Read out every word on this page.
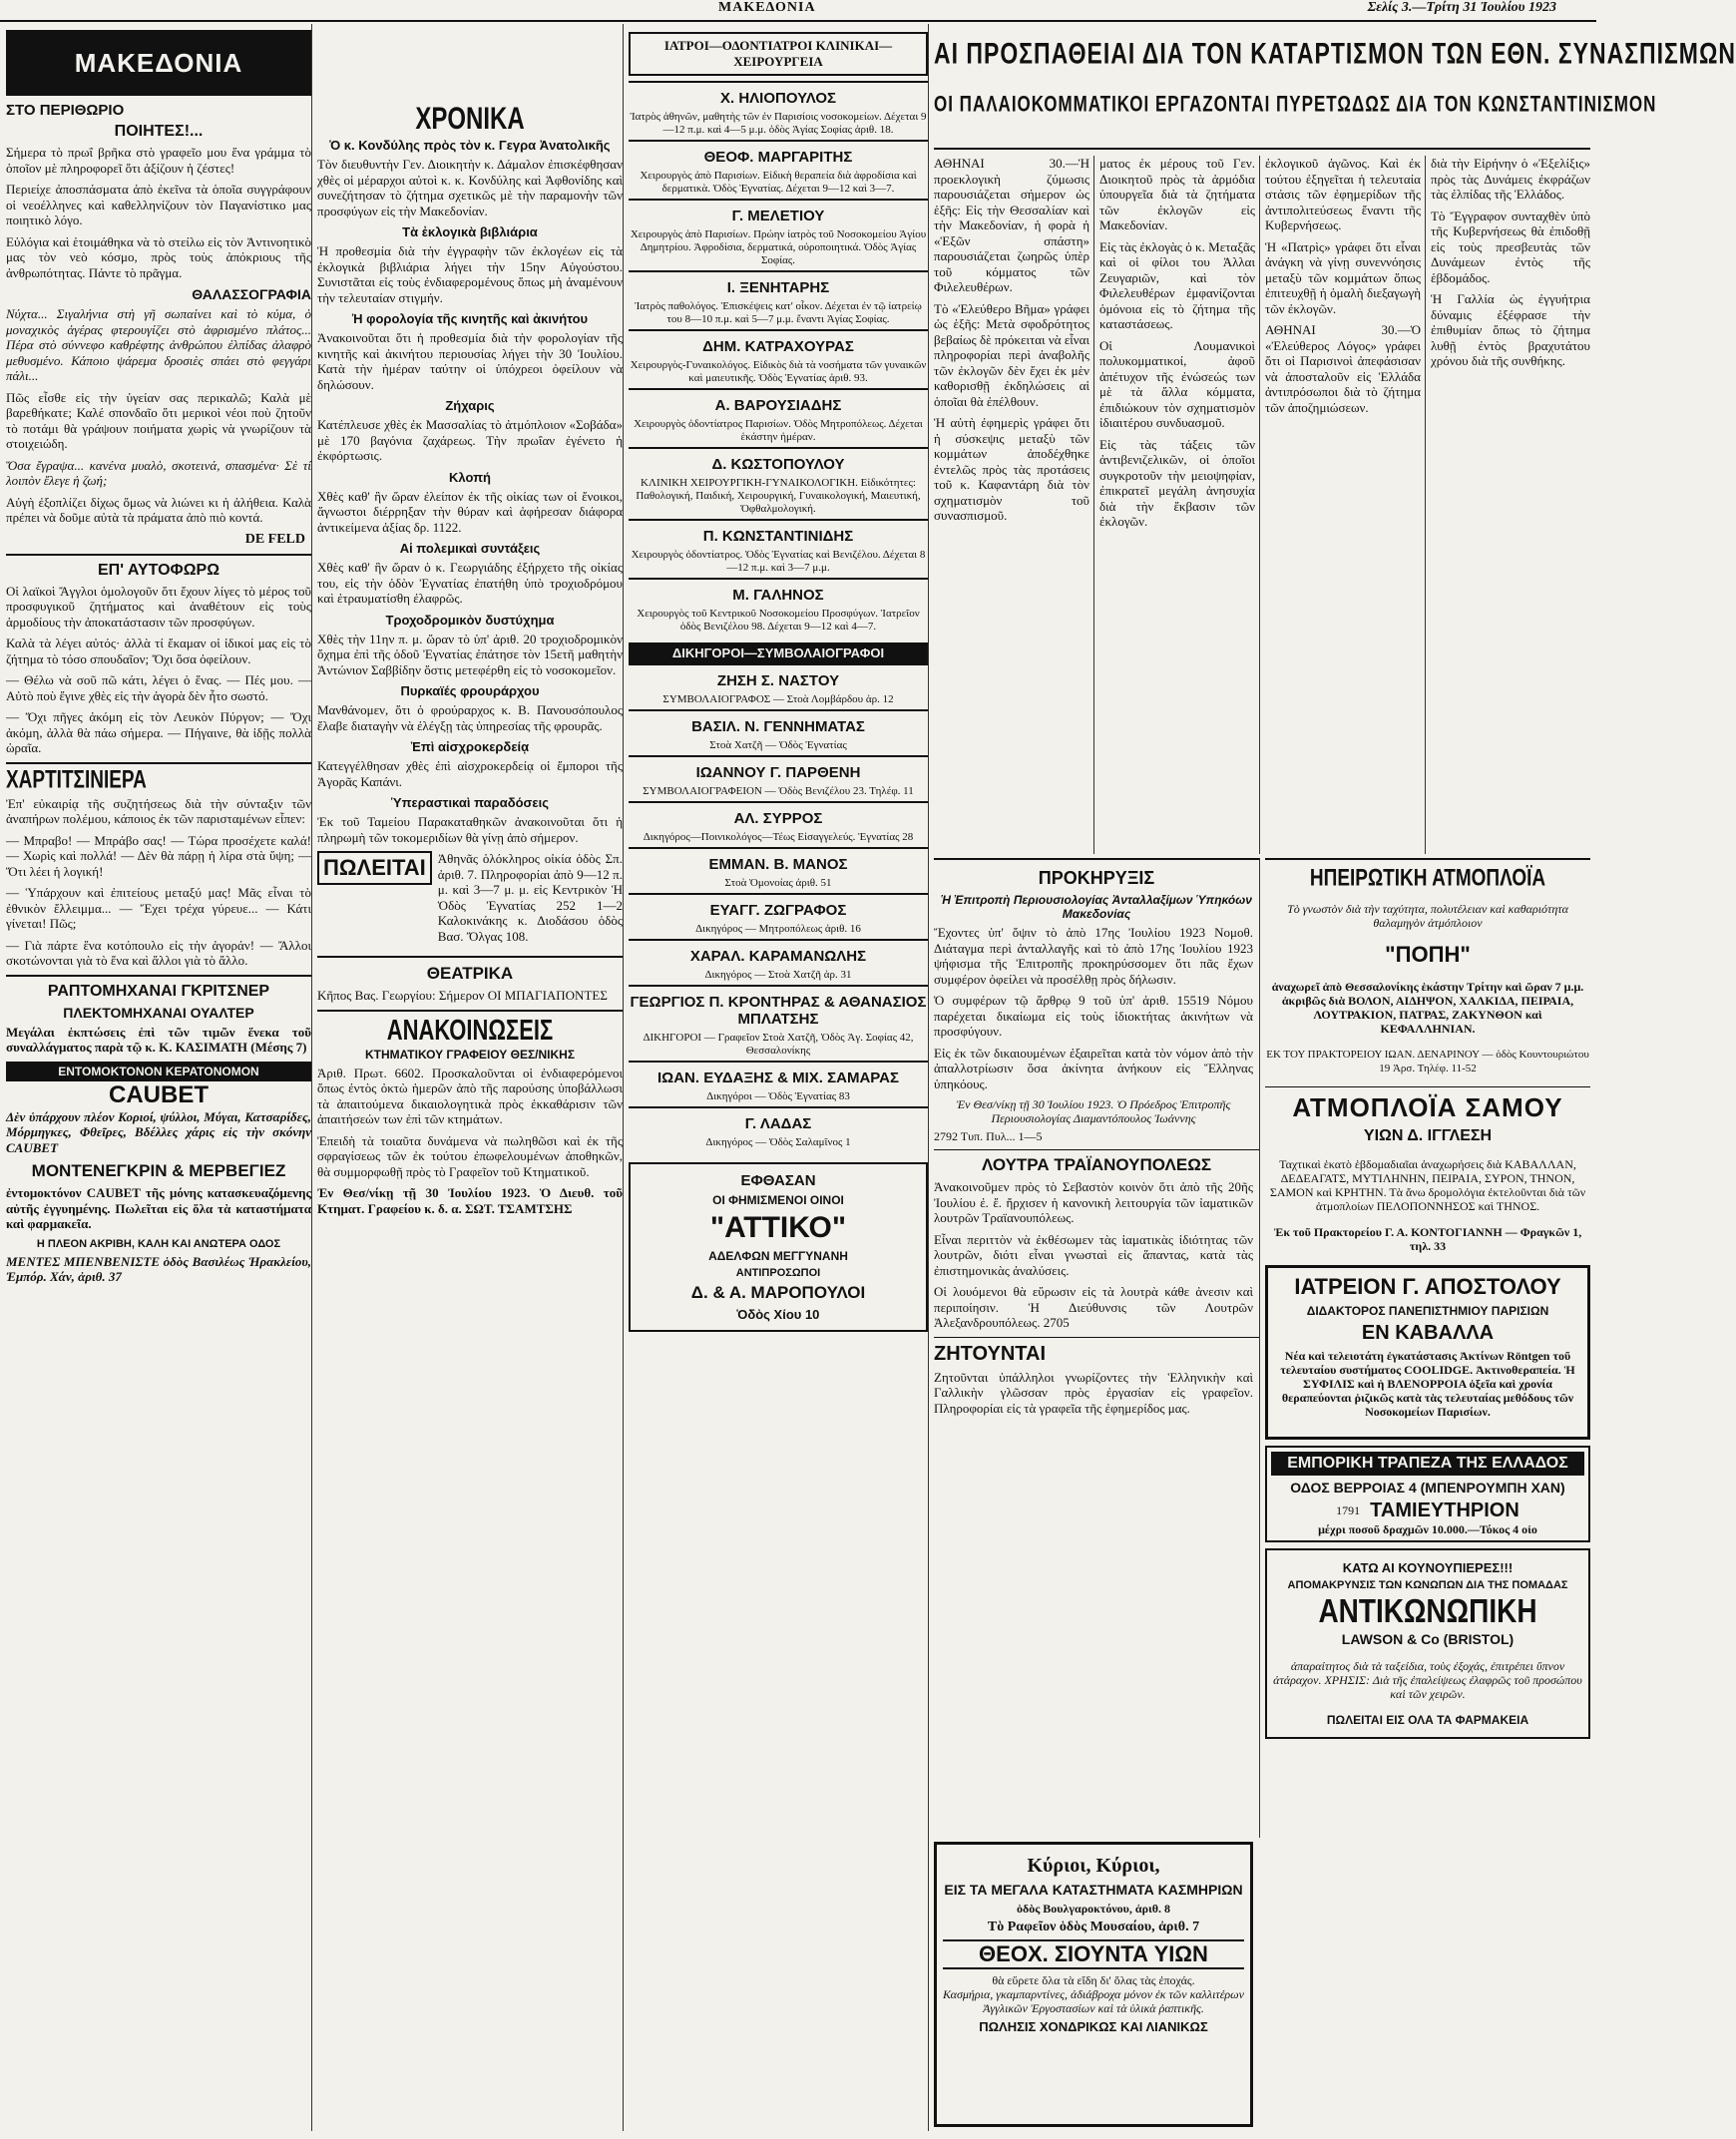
ΜΑΚΕΔΟΝΙΑ	Σελίς 3.—Τρίτη 31 Ἰουλίου 1923
ΜΑΚΕΔΟΝΙΑ
ΣΤΟ ΠΕΡΙΘΩΡΙΟ
ΠΟΙΗΤΕΣ!...

Σήμερα τὸ πρωΐ βρῆκα στὸ γραφεῖο μου ἕνα γράμμα τὸ ὁποῖον μὲ πληροφορεῖ ὅτι ἀξίζουν ἡ ζέστες!

Περιείχε ἀποσπάσματα ἀπὸ ἐκεῖνα τὰ ὁποῖα συγγράφουν οἱ νεοέλληνες καὶ καθελληνίζουν τὸν Παγανίστικο μας ποιητικὸ λόγο.

Εὐλόγια καὶ ἑτοιμάθηκα νὰ τὸ στείλω εἰς τὸν Ἀντινοητικὸ μας τὸν νεὸ κόσμο, πρὸς τοὺς ἀπόκριους τῆς ἀνθρωπότητας. Πάντε τὸ πρᾶγμα.

ΘΑΛΑΣΣΟΓΡΑΦΙΑ

Νύχτα... Σιγαλήνια στὴ γῆ σωπαίνει καὶ τὸ κύμα, ὁ μοναχικὸς ἀγέρας φτερουγίζει στὸ ἀφρισμένο πλάτος... Πέρα στὸ σύννεφο καθρέφτης ἀνθρώπου ἐλπίδας ἀλαφρὸ μεθυσμένο. Κάποιο ψάρεμα δροσιὲς σπάει στὸ φεγγάρι πάλι...

Πῶς εἶσθε εἰς τὴν ὑγείαν σας περικαλῶ; Καλὰ μὲ βαρεθήκατε; Καλέ σπονδαῖο ὅτι μερικοὶ νέοι ποὺ ζητοῦν τὸ ποτάμι θὰ γράψουν ποιήματα χωρὶς νὰ γνωρίζουν τὰ στοιχειώδη.

Ὅσα ἔγραψα... κανένα μυαλὸ, σκοτεινά, σπασμένα· Σὲ τί λοιπὸν ἔλεγε ἡ ζωή;

Αὐγὴ ἐξοπλίζει δίχως ὅμως νὰ λιώνει κι ἡ ἀλήθεια. Καλὰ πρέπει νὰ δοῦμε αὐτὰ τὰ πράματα ἀπὸ πιὸ κοντά.

DE FELD
ΕΠ' ΑΥΤΟΦΩΡΩ

Οἱ λαϊκοὶ Ἄγγλοι ὁμολογοῦν ὅτι ἔχουν λίγες τὸ μέρος τοῦ προσφυγικοῦ ζητήματος καὶ ἀναθέτουν εἰς τοὺς ἁρμοδίους τὴν ἀποκατάστασιν τῶν προσφύγων.

Καλὰ τὰ λέγει αὐτός· ἀλλὰ τί ἔκαμαν οἱ ἰδικοί μας εἰς τὸ ζήτημα τὸ τόσο σπουδαῖον; Ὄχι ὅσα ὀφείλουν.

— Θέλω νὰ σοῦ πῶ κάτι, λέγει ὁ ἕνας. — Πές μου. — Αὐτὸ ποὺ ἔγινε χθὲς εἰς τὴν ἀγορὰ δὲν ἦτο σωστό.

— Ὄχι πῆγες ἀκόμη εἰς τὸν Λευκὸν Πύργον; — Ὄχι ἀκόμη, ἀλλὰ θὰ πάω σήμερα. — Πήγαινε, θὰ ἰδῇς πολλὰ ὡραῖα.

ΧΑΡΤΙΤΣΙΝΙΕΡΑ

Ἐπ' εὐκαιρίᾳ τῆς συζητήσεως διὰ τὴν σύνταξιν τῶν ἀναπήρων πολέμου, κάποιος ἐκ τῶν παρισταμένων εἶπεν:

— Μπραβο! — Μπράβο σας! — Τώρα προσέχετε καλά! — Χωρὶς καὶ πολλά! — Δὲν θὰ πάρῃ ἡ λίρα στὰ ὕψη; — Ὅτι λέει ἡ λογική!

— Ὑπάρχουν καὶ ἐπιτείους μεταξύ μας! Μᾶς εἶναι τὸ ἐθνικὸν ἔλλειμμα... — Ἔχει τρέχα γύρευε... — Κάτι γίνεται! Πῶς;

— Γιὰ πάρτε ἕνα κοτόπουλο εἰς τὴν ἀγοράν! — Ἄλλοι σκοτώνονται γιὰ τὸ ἕνα καὶ ἄλλοι γιὰ τὸ ἄλλο.

ΡΑΠΤΟΜΗΧΑΝΑΙ ΓΚΡΙΤΣΝΕΡ
ΠΛΕΚΤΟΜΗΧΑΝΑΙ ΟΥΑΛΤΕΡ

Μεγάλαι ἐκπτώσεις ἐπὶ τῶν τιμῶν ἕνεκα τοῦ συναλλάγματος παρὰ τῷ κ. Κ. ΚΑΣΙΜΑΤΗ (Μέσης 7)

ΕΝΤΟΜΟΚΤΟΝΟΝ ΚΕΡΑΤΟΝΟΜΟΝ
CAUBET

Δὲν ὑπάρχουν πλέον Κοριοί, ψύλλοι, Μύγαι, Κατσαρίδες, Μόρμηγκες, Φθεῖρες, Βδέλλες χάρις εἰς τὴν σκόνην CAUBET

ΜΟΝΤΕΝΕΓΚΡΙΝ & ΜΕΡΒΕΓΙΕΖ

ἐντομοκτόνον CAUBET τῆς μόνης κατασκευαζόμενης αὐτῆς ἐγγυημένης. Πωλεῖται εἰς ὅλα τὰ καταστήματα καὶ φαρμακεῖα.

Η ΠΛΕΟΝ ΑΚΡΙΒΗ, ΚΑΛΗ ΚΑΙ ΑΝΩΤΕΡΑ ΟΔΟΣ

ΜΕΝΤΕΣ ΜΠΕΝΒΕΝΙΣΤΕ ὁδὸς Βασιλέως Ἡρακλείου, Ἐμπόρ. Χάν, ἀριθ. 37

ΧΡΟΝΙΚΑ
Ὁ κ. Κονδύλης πρὸς τὸν κ. Γεγρα Ἀνατολικῆς

Τὸν διευθυντὴν Γεν. Διοικητὴν κ. Δάμαλον ἐπισκέφθησαν χθὲς οἱ μέραρχοι αὐτοὶ κ. κ. Κονδύλης καὶ Ἀφθονίδης καὶ συνεζήτησαν τὸ ζήτημα σχετικῶς μὲ τὴν παραμονὴν τῶν προσφύγων εἰς τὴν Μακεδονίαν.

Τὰ ἐκλογικὰ βιβλιάρια

Ἡ προθεσμία διὰ τὴν ἐγγραφὴν τῶν ἐκλογέων εἰς τὰ ἐκλογικὰ βιβλιάρια λήγει τὴν 15ην Αὐγούστου. Συνιστᾶται εἰς τοὺς ἐνδιαφερομένους ὅπως μὴ ἀναμένουν τὴν τελευταίαν στιγμήν.

Ἡ φορολογία τῆς κινητῆς καὶ ἀκινήτου

Ἀνακοινοῦται ὅτι ἡ προθεσμία διὰ τὴν φορολογίαν τῆς κινητῆς καὶ ἀκινήτου περιουσίας λήγει τὴν 30 Ἰουλίου. Κατὰ τὴν ἡμέραν ταύτην οἱ ὑπόχρεοι ὀφείλουν νὰ δηλώσουν.

Ζήχαρις

Κατέπλευσε χθὲς ἐκ Μασσαλίας τὸ ἀτμόπλοιον «Σοβάδα» μὲ 170 βαγόνια ζαχάρεως. Τὴν πρωΐαν ἐγένετο ἡ ἐκφόρτωσις.

Κλοπή

Χθὲς καθ' ἣν ὥραν ἐλείπον ἐκ τῆς οἰκίας των οἱ ἔνοικοι, ἄγνωστοι διέρρηξαν τὴν θύραν καὶ ἀφήρεσαν διάφορα ἀντικείμενα ἀξίας δρ. 1122.

Αἱ πολεμικαὶ συντάξεις

Χθὲς καθ' ἣν ὥραν ὁ κ. Γεωργιάδης ἐξήρχετο τῆς οἰκίας του, εἰς τὴν ὁδὸν Ἐγνατίας ἐπατήθη ὑπὸ τροχιοδρόμου καὶ ἐτραυματίσθη ἐλαφρῶς.

Τροχοδρομικὸν δυστύχημα

Χθὲς τὴν 11ην π. μ. ὥραν τὸ ὑπ' ἀριθ. 20 τροχιοδρομικὸν ὄχημα ἐπὶ τῆς ὁδοῦ Ἐγνατίας ἐπάτησε τὸν 15ετῆ μαθητὴν Ἀντώνιον Σαββίδην ὅστις μετεφέρθη εἰς τὸ νοσοκομεῖον.

Πυρκαϊές φρουράρχου

Μανθάνομεν, ὅτι ὁ φρούραρχος κ. Β. Πανουσόπουλος ἔλαβε διαταγὴν νὰ ἐλέγξῃ τὰς ὑπηρεσίας τῆς φρουρᾶς.

Ἐπὶ αἰσχροκερδείᾳ

Κατεγγέλθησαν χθὲς ἐπὶ αἰσχροκερδείᾳ οἱ ἔμποροι τῆς Ἀγορᾶς Καπάνι.

Ὑπεραστικαὶ παραδόσεις

Ἐκ τοῦ Ταμείου Παρακαταθηκῶν ἀνακοινοῦται ὅτι ἡ πληρωμὴ τῶν τοκομεριδίων θὰ γίνῃ ἀπὸ σήμερον.

ΠΩΛΕΙΤΑΙ Ἀθηνᾶς ὁλόκληρος οἰκία ὁδὸς Σπ. ἀριθ. 7. Πληροφορίαι ἀπὸ 9—12 π. μ. καὶ 3—7 μ. μ. εἰς Κεντρικὸν Ἡ Ὁδὸς Ἐγνατίας 252 1—2 Καλοκινάκης κ. Διοδάσου ὁδὸς Βασ. Ὄλγας 108.

ΘΕΑΤΡΙΚΑ

Κῆπος Βας. Γεωργίου: Σήμερον ΟΙ ΜΠΑΓΙΑΠΟΝΤΕΣ

ΑΝΑΚΟΙΝΩΣΕΙΣ
ΚΤΗΜΑΤΙΚΟΥ ΓΡΑΦΕΙΟΥ ΘΕΣ/ΝΙΚΗΣ

Ἀριθ. Πρωτ. 6602. Προσκαλοῦνται οἱ ἐνδιαφερόμενοι ὅπως ἐντὸς ὀκτὼ ἡμερῶν ἀπὸ τῆς παρούσης ὑποβάλλωσι τὰ ἀπαιτούμενα δικαιολογητικὰ πρὸς ἐκκαθάρισιν τῶν ἀπαιτήσεών των ἐπὶ τῶν κτημάτων.

Ἐπειδὴ τὰ τοιαῦτα δυνάμενα νὰ πωληθῶσι καὶ ἐκ τῆς σφραγίσεως τῶν ἐκ τούτου ἐπωφελουμένων ἀποθηκῶν, θὰ συμμορφωθῇ πρὸς τὸ Γραφεῖον τοῦ Κτηματικοῦ.

Ἐν Θεσ/νίκῃ τῇ 30 Ἰουλίου 1923. Ὁ Διευθ. τοῦ Κτηματ. Γραφείου κ. δ. α. ΣΩΤ. ΤΣΑΜΤΣΗΣ

ΙΑΤΡΟΙ—ΟΔΟΝΤΙΑΤΡΟΙ ΚΛΙΝΙΚΑΙ—ΧΕΙΡΟΥΡΓΕΙΑ
Χ. ΗΛΙΟΠΟΥΛΟΣ
Ἰατρὸς ἀθηνῶν, μαθητὴς τῶν ἐν Παρισίοις νοσοκομείων. Δέχεται 9—12 π.μ. καὶ 4—5 μ.μ. ὁδὸς Ἀγίας Σοφίας ἀριθ. 18.
ΘΕΟΦ. ΜΑΡΓΑΡΙΤΗΣ
Χειρουργὸς ἀπὸ Παρισίων. Εἰδικὴ θεραπεία διὰ ἀφροδίσια καὶ δερματικὰ. Ὁδὸς Ἐγνατίας. Δέχεται 9—12 καὶ 3—7.
Γ. ΜΕΛΕΤΙΟΥ
Χειρουργὸς ἀπὸ Παρισίων. Πρώην ἰατρὸς τοῦ Νοσοκομείου Ἁγίου Δημητρίου. Ἀφροδίσια, δερματικά, οὐροποιητικά. Ὁδὸς Ἁγίας Σοφίας.
Ι. ΞΕΝΗΤΑΡΗΣ
Ἰατρὸς παθολόγος. Ἐπισκέψεις κατ' οἶκον. Δέχεται ἐν τῷ ἰατρείῳ του 8—10 π.μ. καὶ 5—7 μ.μ. ἔναντι Ἁγίας Σοφίας.
ΔΗΜ. ΚΑΤΡΑΧΟΥΡΑΣ
Χειρουργὸς-Γυναικολόγος. Εἰδικὸς διὰ τὰ νοσήματα τῶν γυναικῶν καὶ μαιευτικῆς. Ὁδὸς Ἐγνατίας ἀριθ. 93.
Α. ΒΑΡΟΥΣΙΑΔΗΣ
Χειρουργὸς ὀδοντίατρος Παρισίων. Ὁδὸς Μητροπόλεως. Δέχεται ἑκάστην ἡμέραν.
Δ. ΚΩΣΤΟΠΟΥΛΟΥ
ΚΛΙΝΙΚΗ ΧΕΙΡΟΥΡΓΙΚΗ-ΓΥΝΑΙΚΟΛΟΓΙΚΗ. Εἰδικότητες: Παθολογική, Παιδική, Χειρουργική, Γυναικολογική, Μαιευτική, Ὀφθαλμολογική.
Π. ΚΩΝΣΤΑΝΤΙΝΙΔΗΣ
Χειρουργὸς ὀδοντίατρος. Ὁδὸς Ἐγνατίας καὶ Βενιζέλου. Δέχεται 8—12 π.μ. καὶ 3—7 μ.μ.
Μ. ΓΑΛΗΝΟΣ
Χειρουργὸς τοῦ Κεντρικοῦ Νοσοκομείου Προσφύγων. Ἰατρεῖον ὁδὸς Βενιζέλου 98. Δέχεται 9—12 καὶ 4—7.
ΔΙΚΗΓΟΡΟΙ—ΣΥΜΒΟΛΑΙΟΓΡΑΦΟΙ
ΖΗΣΗ Σ. ΝΑΣΤΟΥ
ΣΥΜΒΟΛΑΙΟΓΡΑΦΟΣ — Στοὰ Λομβάρδου ἀρ. 12
ΒΑΣΙΛ. Ν. ΓΕΝΝΗΜΑΤΑΣ
Στοὰ Χατζῆ — Ὁδὸς Ἐγνατίας
ΙΩΑΝΝΟΥ Γ. ΠΑΡΘΕΝΗ
ΣΥΜΒΟΛΑΙΟΓΡΑΦΕΙΟΝ — Ὁδὸς Βενιζέλου 23. Τηλέφ. 11
ΑΛ. ΣΥΡΡΟΣ
Δικηγόρος—Ποινικολόγος—Τέως Εἰσαγγελεύς. Ἐγνατίας 28
ΕΜΜΑΝ. Β. ΜΑΝΟΣ
Στοὰ Ὁμονοίας ἀριθ. 51
ΕΥΑΓΓ. ΖΩΓΡΑΦΟΣ
Δικηγόρος — Μητροπόλεως ἀριθ. 16
ΧΑΡΑΛ. ΚΑΡΑΜΑΝΩΛΗΣ
Δικηγόρος — Στοὰ Χατζῆ ἀρ. 31
ΓΕΩΡΓΙΟΣ Π. ΚΡΟΝΤΗΡΑΣ & ΑΘΑΝΑΣΙΟΣ ΜΠΛΑΤΣΗΣ
ΔΙΚΗΓΟΡΟΙ — Γραφεῖον Στοὰ Χατζῆ, Ὁδὸς Ἀγ. Σοφίας 42, Θεσσαλονίκης
ΙΩΑΝ. ΕΥΔΑΞΗΣ & ΜΙΧ. ΣΑΜΑΡΑΣ
Δικηγόροι — Ὁδὸς Ἐγνατίας 83
Γ. ΛΑΔΑΣ
Δικηγόρος — Ὁδὸς Σαλαμῖνος 1
ΕΦΘΑΣΑΝ
ΟΙ ΦΗΜΙΣΜΕΝΟΙ ΟΙΝΟΙ
"ΑΤΤΙΚΟ"
ΑΔΕΛΦΩΝ ΜΕΓΓΥΝΑΝΗ
ΑΝΤΙΠΡΟΣΩΠΟΙ
Δ. & Α. ΜΑΡΟΠΟΥΛΟΙ
Ὁδὸς Χίου 10
ΑΙ ΠΡΟΣΠΑΘΕΙΑΙ ΔΙΑ ΤΟΝ ΚΑΤΑΡΤΙΣΜΟΝ ΤΩΝ ΕΘΝ. ΣΥΝΑΣΠΙΣΜΩΝ
ΟΙ ΠΑΛΑΙΟΚΟΜΜΑΤΙΚΟΙ ΕΡΓΑΖΟΝΤΑΙ ΠΥΡΕΤΩΔΩΣ ΔΙΑ ΤΟΝ ΚΩΝΣΤΑΝΤΙΝΙΣΜΟΝ

ΑΘΗΝΑΙ 30.—Ἡ προεκλογικὴ ζύμωσις παρουσιάζεται σήμερον ὡς ἑξῆς: Εἰς τὴν Θεσσαλίαν καὶ τὴν Μακεδονίαν, ἡ φορὰ ἡ «Ἑξῶν σπάστη» παρουσιάζεται ζωηρῶς ὑπὲρ τοῦ κόμματος τῶν Φιλελευθέρων.

Τὸ «Ἐλεύθερο Βῆμα» γράφει ὡς ἑξῆς: Μετὰ σφοδρότητος βεβαίως δὲ πρόκειται νὰ εἶναι πληροφορίαι περὶ ἀναβολῆς τῶν ἐκλογῶν δὲν ἔχει ἐκ μὲν καθορισθῇ ἐκδηλώσεις αἱ ὁποῖαι θὰ ἐπέλθουν.

Ἡ αὐτὴ ἐφημερὶς γράφει ὅτι ἡ σύσκεψις μεταξὺ τῶν κομμάτων ἀποδέχθηκε ἐντελῶς πρὸς τὰς προτάσεις τοῦ κ. Καφαντάρη διὰ τὸν σχηματισμὸν τοῦ συνασπισμοῦ.

ματος ἐκ μέρους τοῦ Γεν. Διοικητοῦ πρὸς τὰ ἀρμόδια ὑπουργεῖα διὰ τὰ ζητήματα τῶν ἐκλογῶν εἰς Μακεδονίαν.

Εἰς τὰς ἐκλογὰς ὁ κ. Μεταξᾶς καὶ οἱ φίλοι του Ἀλλαι Ζευγαριῶν, καὶ τὸν Φιλελευθέρων ἐμφανίζονται ὁμόνοια εἰς τὸ ζήτημα τῆς καταστάσεως.

Οἱ Λουμανικοὶ πολυκομματικοί, ἀφοῦ ἀπέτυχον τῆς ἐνώσεώς των μὲ τὰ ἄλλα κόμματα, ἐπιδιώκουν τὸν σχηματισμὸν ἰδιαιτέρου συνδυασμοῦ.

Εἰς τὰς τάξεις τῶν ἀντιβενιζελικῶν, οἱ ὁποῖοι συγκροτοῦν τὴν μειοψηφίαν, ἐπικρατεῖ μεγάλη ἀνησυχία διὰ τὴν ἔκβασιν τῶν ἐκλογῶν.

ἐκλογικοῦ ἀγῶνος. Καὶ ἐκ τούτου ἐξηγεῖται ἡ τελευταία στάσις τῶν ἐφημερίδων τῆς ἀντιπολιτεύσεως ἔναντι τῆς Κυβερνήσεως.

Ἡ «Πατρὶς» γράφει ὅτι εἶναι ἀνάγκη νὰ γίνῃ συνεννόησις μεταξὺ τῶν κομμάτων ὅπως ἐπιτευχθῇ ἡ ὁμαλὴ διεξαγωγὴ τῶν ἐκλογῶν.

ΑΘΗΝΑΙ 30.—Ὁ «Ἐλεύθερος Λόγος» γράφει ὅτι οἱ Παρισινοὶ ἀπεφάσισαν νὰ ἀποσταλοῦν εἰς Ἑλλάδα ἀντιπρόσωποι διὰ τὸ ζήτημα τῶν ἀποζημιώσεων.

διὰ τὴν Εἰρήνην ὁ «Ἐξελίξις» πρὸς τὰς Δυνάμεις ἐκφράζων τὰς ἐλπίδας τῆς Ἑλλάδος.

Τὸ Ἔγγραφον συνταχθὲν ὑπὸ τῆς Κυβερνήσεως θὰ ἐπιδοθῇ εἰς τοὺς πρεσβευτὰς τῶν Δυνάμεων ἐντὸς τῆς ἑβδομάδος.

Ἡ Γαλλία ὡς ἐγγυήτρια δύναμις ἐξέφρασε τὴν ἐπιθυμίαν ὅπως τὸ ζήτημα λυθῇ ἐντὸς βραχυτάτου χρόνου διὰ τῆς συνθήκης.

ΠΡΟΚΗΡΥΞΙΣ
Ἡ Ἐπιτροπὴ Περιουσιολογίας Ἀνταλλαξίμων Ὑπηκόων Μακεδονίας

Ἔχοντες ὑπ' ὄψιν τὸ ἀπὸ 17ης Ἰουλίου 1923 Νομοθ. Διάταγμα περὶ ἀνταλλαγῆς καὶ τὸ ἀπὸ 17ης Ἰουλίου 1923 ψήφισμα τῆς Ἐπιτροπῆς προκηρύσσομεν ὅτι πᾶς ἔχων συμφέρον ὀφείλει νὰ προσέλθῃ πρὸς δήλωσιν.

Ὁ συμφέρων τῷ ἄρθρῳ 9 τοῦ ὑπ' ἀριθ. 15519 Νόμου παρέχεται δικαίωμα εἰς τοὺς ἰδιοκτήτας ἀκινήτων νὰ προσφύγουν.

Εἰς ἐκ τῶν δικαιουμένων ἐξαιρεῖται κατὰ τὸν νόμον ἀπὸ τὴν ἀπαλλοτρίωσιν ὅσα ἀκίνητα ἀνήκουν εἰς Ἕλληνας ὑπηκόους.

Ἐν Θεσ/νίκῃ τῇ 30 Ἰουλίου 1923. Ὁ Πρόεδρος Ἐπιτροπῆς Περιουσιολογίας Διαμαντόπουλος Ἰωάννης

2792 Τυπ. Πυλ... 1—5
ΛΟΥΤΡΑ ΤΡΑΪΑΝΟΥΠΟΛΕΩΣ

Ἀνακοινοῦμεν πρὸς τὸ Σεβαστὸν κοινὸν ὅτι ἀπὸ τῆς 20ῆς Ἰουλίου ἐ. ἔ. ἤρχισεν ἡ κανονικὴ λειτουργία τῶν ἰαματικῶν λουτρῶν Τραϊανουπόλεως.

Εἶναι περιττὸν νὰ ἐκθέσωμεν τὰς ἰαματικὰς ἰδιότητας τῶν λουτρῶν, διότι εἶναι γνωσταὶ εἰς ἅπαντας, κατὰ τὰς ἐπιστημονικὰς ἀναλύσεις.

Οἱ λουόμενοι θὰ εὕρωσιν εἰς τὰ λουτρὰ κάθε ἀνεσιν καὶ περιποίησιν. Ἡ Διεύθυνσις τῶν Λουτρῶν Ἀλεξανδρουπόλεως. 2705

ΖΗΤΟΥΝΤΑΙ

Ζητοῦνται ὑπάλληλοι γνωρίζοντες τὴν Ἑλληνικὴν καὶ Γαλλικὴν γλῶσσαν πρὸς ἐργασίαν εἰς γραφεῖον. Πληροφορίαι εἰς τὰ γραφεῖα τῆς ἐφημερίδος μας.

ΗΠΕΙΡΩΤΙΚΗ ΑΤΜΟΠΛΟΪΑ

Τὸ γνωστὸν διὰ τὴν ταχύτητα, πολυτέλειαν καὶ καθαριότητα θαλαμηγὸν ἀτμόπλοιον

"ΠΟΠΗ"

ἀναχωρεῖ ἀπὸ Θεσσαλονίκης ἑκάστην Τρίτην καὶ ὥραν 7 μ.μ. ἀκριβῶς διὰ ΒΟΛΟΝ, ΑΙΔΗΨΟΝ, ΧΑΛΚΙΔΑ, ΠΕΙΡΑΙΑ, ΛΟΥΤΡΑΚΙΟΝ, ΠΑΤΡΑΣ, ΖΑΚΥΝΘΟΝ καὶ ΚΕΦΑΛΛΗΝΙΑΝ.

ΕΚ ΤΟΥ ΠΡΑΚΤΟΡΕΙΟΥ ΙΩΑΝ. ΔΕΝΑΡΙΝΟΥ — ὁδὸς Κουντουριώτου 19 Ἀρσ. Τηλέφ. 11-52

ΑΤΜΟΠΛΟΪΑ ΣΑΜΟΥ
ΥΙΩΝ Δ. ΙΓΓΛΕΣΗ

Ταχτικαὶ ἑκατὸ ἑβδομαδιαῖαι ἀναχωρήσεις διὰ ΚΑΒΑΛΛΑΝ, ΔΕΔΕΑΓΑΤΣ, ΜΥΤΙΛΗΝΗΝ, ΠΕΙΡΑΙΑ, ΣΥΡΟΝ, ΤΗΝΟΝ, ΣΑΜΟΝ καὶ ΚΡΗΤΗΝ. Τὰ ἄνω δρομολόγια ἐκτελοῦνται διὰ τῶν ἀτμοπλοίων ΠΕΛΟΠΟΝΝΗΣΟΣ καὶ ΤΗΝΟΣ.

Ἐκ τοῦ Πρακτορείου Γ. Α. ΚΟΝΤΟΓΙΑΝΝΗ — Φραγκῶν 1, τηλ. 33

ΙΑΤΡΕΙΟΝ Γ. ΑΠΟΣΤΟΛΟΥ
ΔΙΔΑΚΤΟΡΟΣ ΠΑΝΕΠΙΣΤΗΜΙΟΥ ΠΑΡΙΣΙΩΝ
ΕΝ ΚΑΒΑΛΛΑ

Νέα καὶ τελειοτάτη ἐγκατάστασις Ἀκτίνων Röntgen τοῦ τελευταίου συστήματος COOLIDGE. Ἀκτινοθεραπεία. Ἡ ΣΥΦΙΛΙΣ καὶ ἡ ΒΛΕΝΟΡΡΟΙΑ ὀξεῖα καὶ χρονία θεραπεύονται ῥιζικῶς κατὰ τὰς τελευταίας μεθόδους τῶν Νοσοκομείων Παρισίων.

ΕΜΠΟΡΙΚΗ ΤΡΑΠΕΖΑ ΤΗΣ ΕΛΛΑΔΟΣ
ΟΔΟΣ ΒΕΡΡΟΙΑΣ 4 (ΜΠΕΝΡΟΥΜΠΗ ΧΑΝ)
1791 ΤΑΜΙΕΥΤΗΡΙΟΝ
μέχρι ποσοῦ δραχμῶν 10.000.—Τόκος 4 οἰο
ΚΑΤΩ ΑΙ ΚΟΥΝΟΥΠΙΕΡΕΣ!!!
ΑΠΟΜΑΚΡΥΝΣΙΣ ΤΩΝ ΚΩΝΩΠΩΝ ΔΙΑ ΤΗΣ ΠΟΜΑΔΑΣ
ΑΝΤΙΚΩΝΩΠΙΚΗ
LAWSON & Co (BRISTOL)

ἀπαραίτητος διὰ τὰ ταξείδια, τοὺς ἐξοχάς, ἐπιτρέπει ὕπνον ἀτάραχον. ΧΡΗΣΙΣ: Διὰ τῆς ἐπαλείψεως ἐλαφρῶς τοῦ προσώπου καὶ τῶν χειρῶν.

ΠΩΛΕΙΤΑΙ ΕΙΣ ΟΛΑ ΤΑ ΦΑΡΜΑΚΕΙΑ
Κύριοι, Κύριοι,
ΕΙΣ ΤΑ ΜΕΓΑΛΑ ΚΑΤΑΣΤΗΜΑΤΑ ΚΑΣΜΗΡΙΩΝ
ὁδὸς Βουλγαροκτόνου, ἀριθ. 8
Τὸ Ραφεῖον ὁδὸς Μουσαίου, ἀριθ. 7
ΘΕΟΧ. ΣΙΟΥΝΤΑ ΥΙΩΝ
θὰ εὕρετε ὅλα τὰ εἴδη δι' ὅλας τὰς ἐποχάς.
Κασμήρια, γκαμπαρντίνες, ἀδιάβροχα μόνον ἐκ τῶν καλλιτέρων Ἀγγλικῶν Ἐργοστασίων καὶ τὰ ὑλικὰ ῥαπτικῆς.
ΠΩΛΗΣΙΣ ΧΟΝΔΡΙΚΩΣ ΚΑΙ ΛΙΑΝΙΚΩΣ
